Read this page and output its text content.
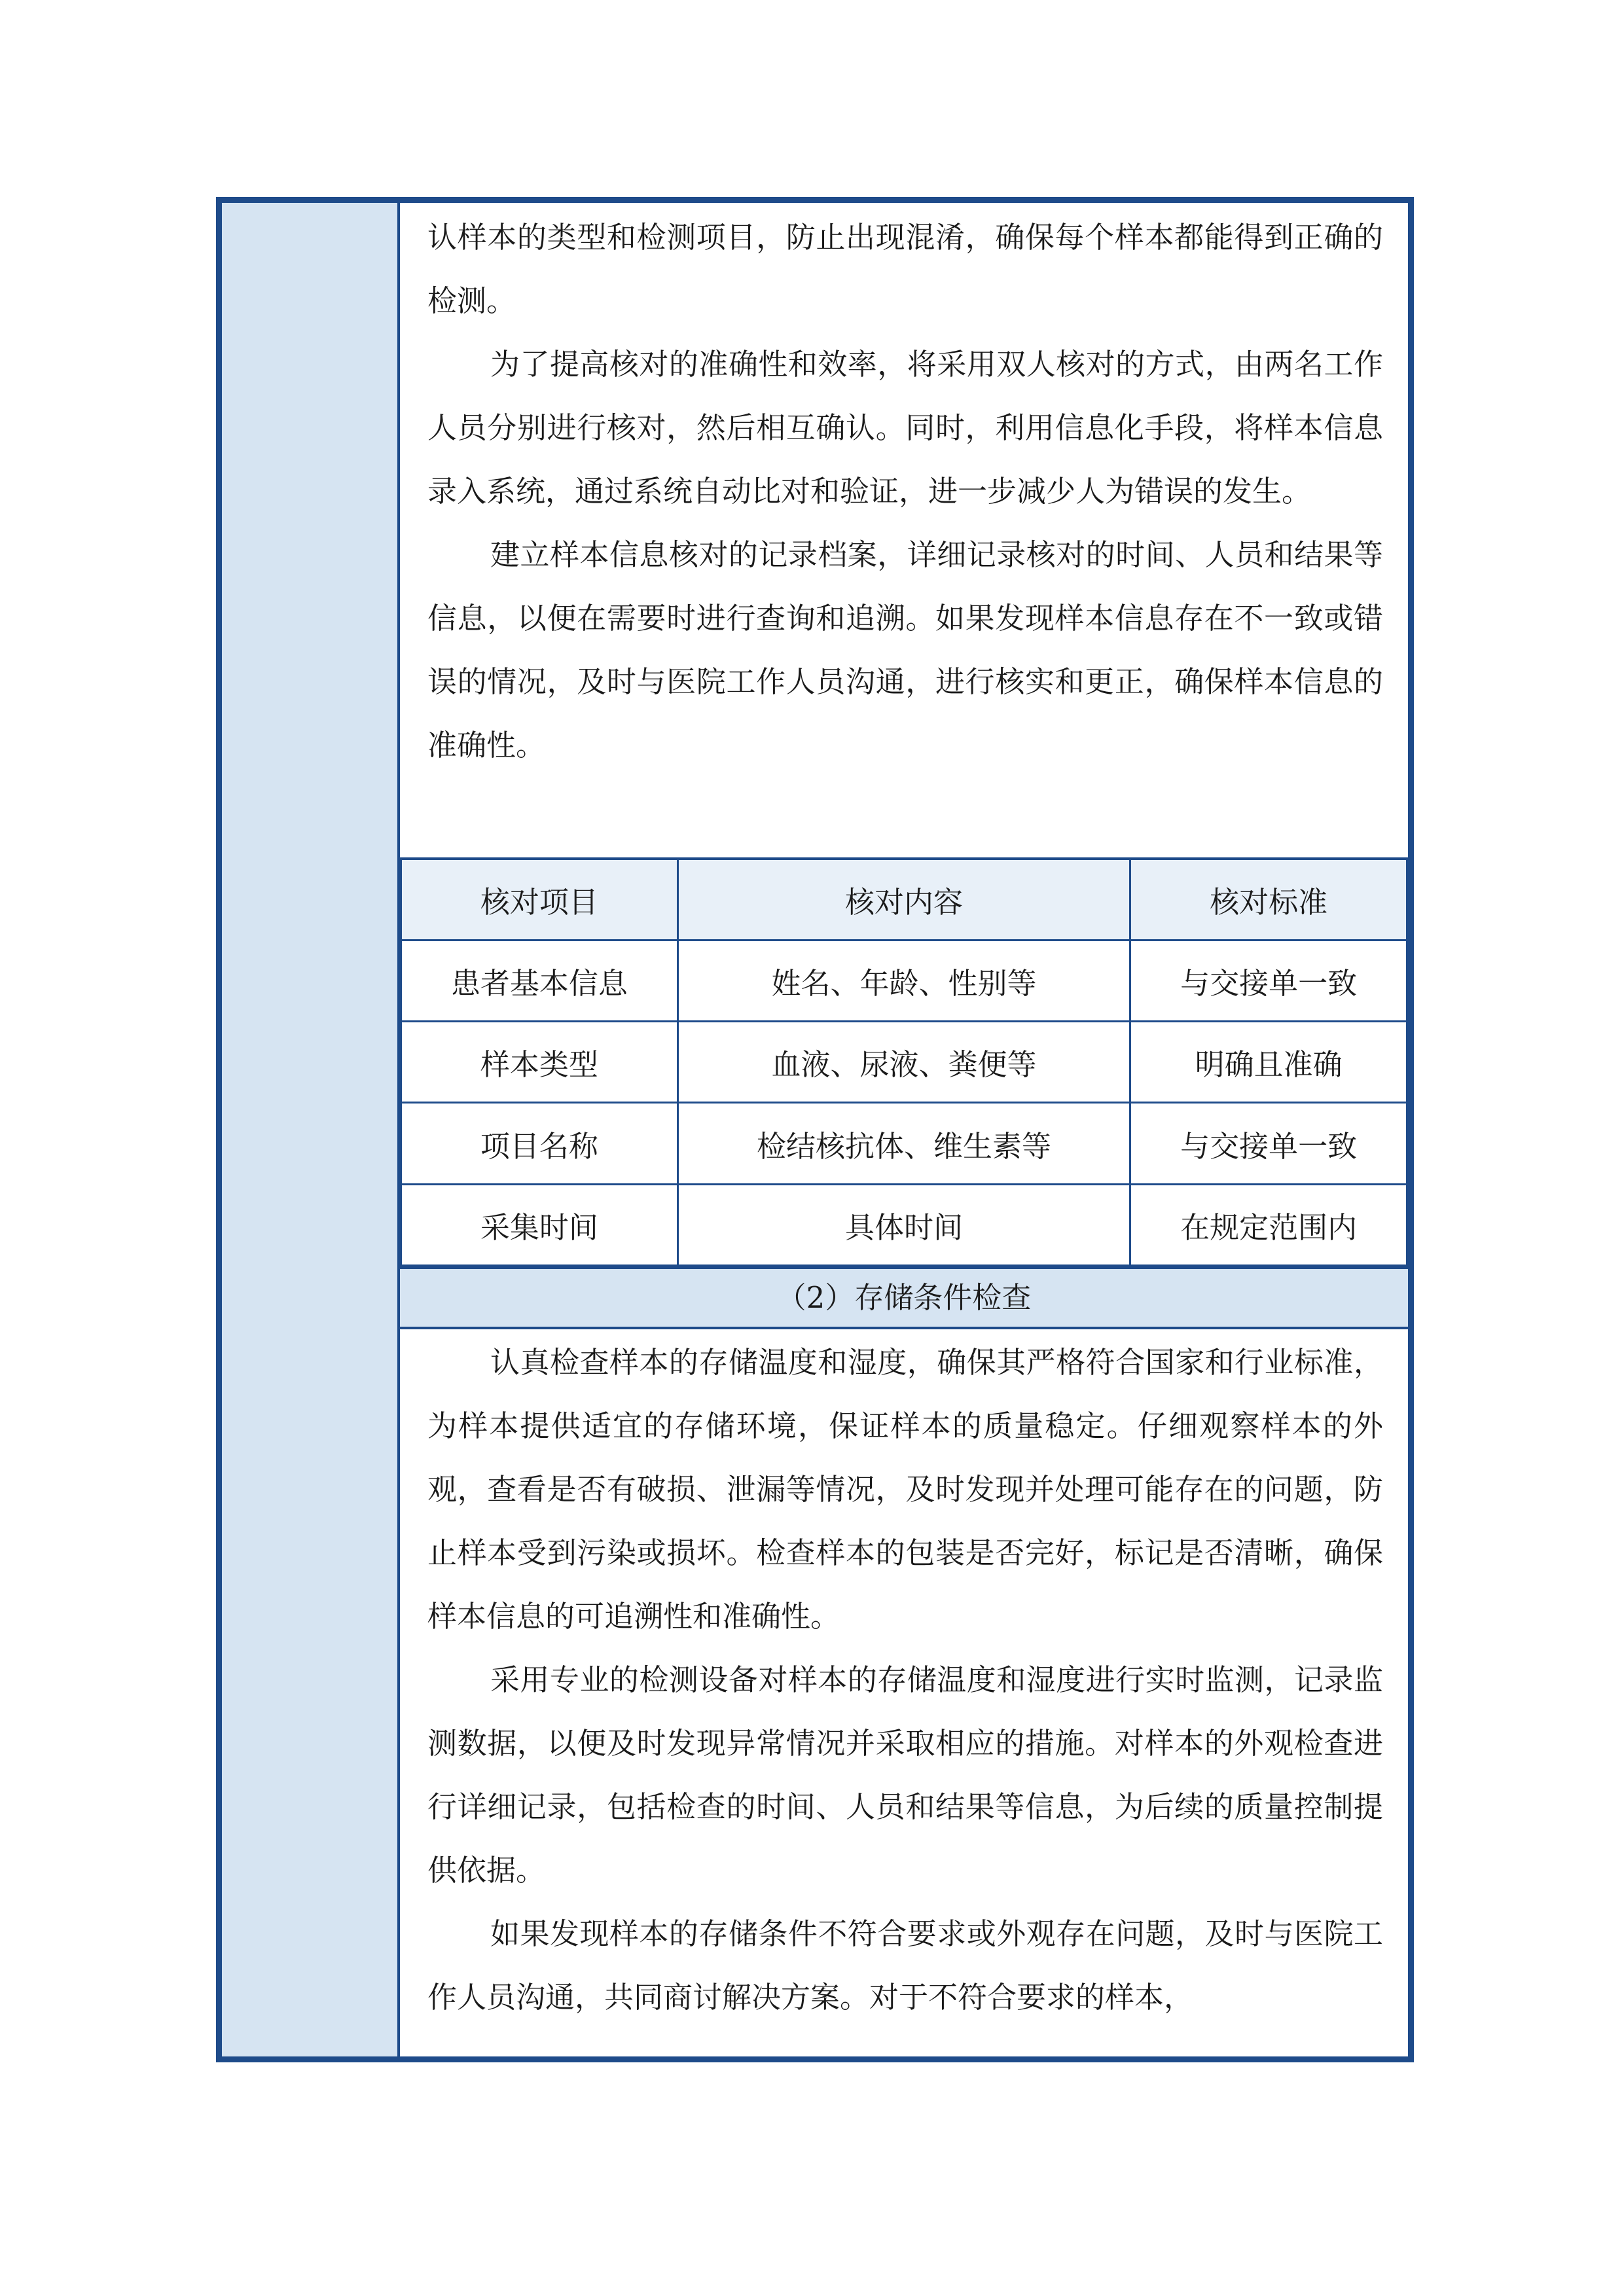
认样本的类型和检测项目，防止出现混淆，确保每个样本都能得到正确的检测。

为了提高核对的准确性和效率，将采用双人核对的方式，由两名工作人员分别进行核对，然后相互确认。同时，利用信息化手段，将样本信息录入系统，通过系统自动比对和验证，进一步减少人为错误的发生。

建立样本信息核对的记录档案，详细记录核对的时间、人员和结果等信息，以便在需要时进行查询和追溯。如果发现样本信息存在不一致或错误的情况，及时与医院工作人员沟通，进行核实和更正，确保样本信息的准确性。

核对项目	核对内容	核对标准
患者基本信息	姓名、年龄、性别等	与交接单一致
样本类型	血液、尿液、粪便等	明确且准确
项目名称	检结核抗体、维生素等	与交接单一致
采集时间	具体时间	在规定范围内
（2）存储条件检查

认真检查样本的存储温度和湿度，确保其严格符合国家和行业标准，为样本提供适宜的存储环境，保证样本的质量稳定。仔细观察样本的外观，查看是否有破损、泄漏等情况，及时发现并处理可能存在的问题，防止样本受到污染或损坏。检查样本的包装是否完好，标记是否清晰，确保样本信息的可追溯性和准确性。

采用专业的检测设备对样本的存储温度和湿度进行实时监测，记录监测数据，以便及时发现异常情况并采取相应的措施。对样本的外观检查进行详细记录，包括检查的时间、人员和结果等信息，为后续的质量控制提供依据。

如果发现样本的存储条件不符合要求或外观存在问题，及时与医院工作人员沟通，共同商讨解决方案。对于不符合要求的样本，
